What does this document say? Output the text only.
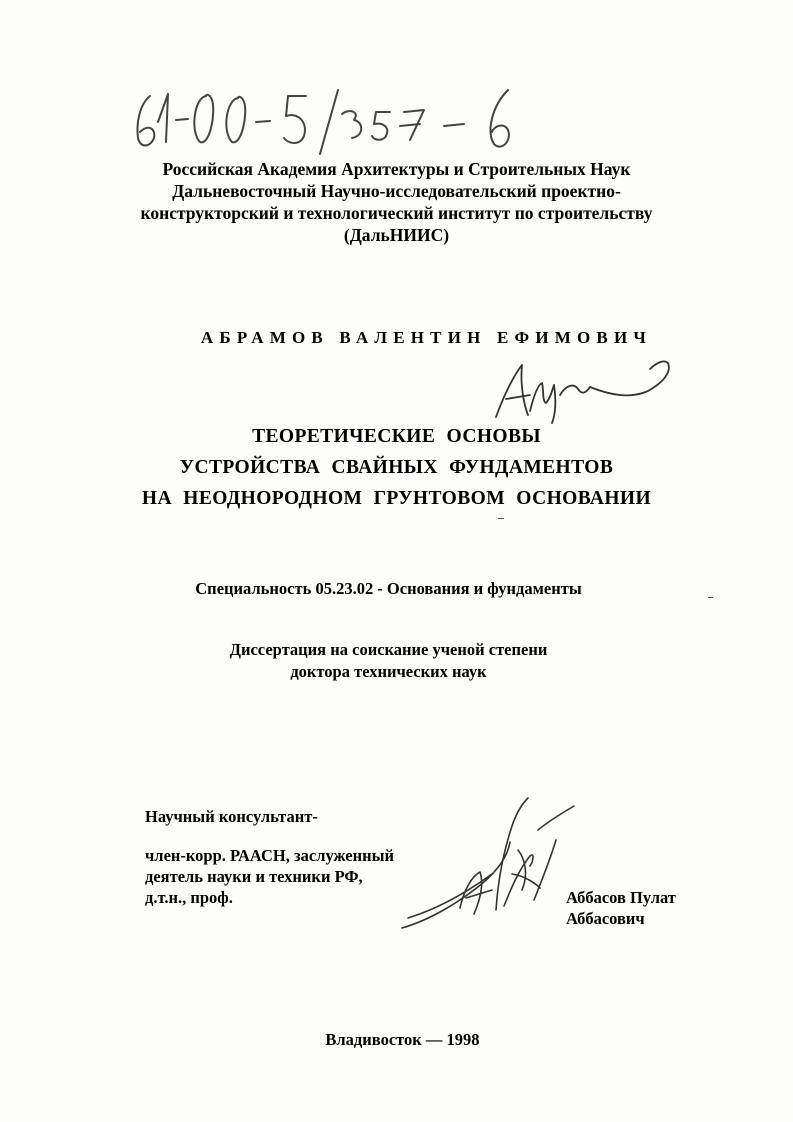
Российская Академия Архитектуры и Строительных Наук
Дальневосточный Научно-исследовательский проектно-
конструкторский и технологический институт по строительству
(ДальНИИС)
АБРАМОВ ВАЛЕНТИН ЕФИМОВИЧ
ТЕОРЕТИЧЕСКИЕ ОСНОВЫ
УСТРОЙСТВА СВАЙНЫХ ФУНДАМЕНТОВ
НА НЕОДНОРОДНОМ ГРУНТОВОМ ОСНОВАНИИ
Специальность 05.23.02 - Основания и фундаменты
Диссертация на соискание ученой степени
доктора технических наук
Научный консультант-
член-корр. РААСН, заслуженный
деятель науки и техники РФ,
д.т.н., проф.	Аббасов Пулат
Аббасович
Владивосток — 1998
